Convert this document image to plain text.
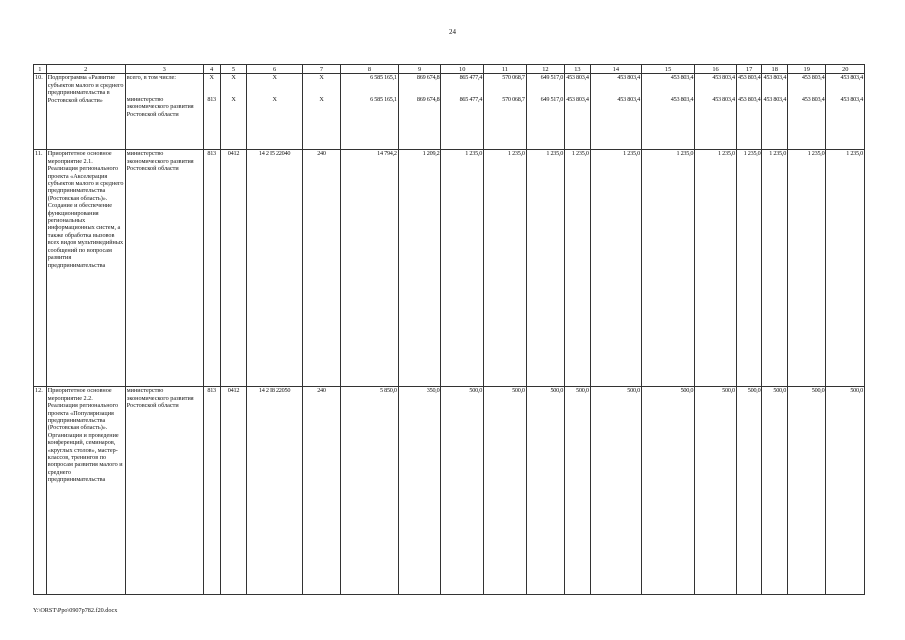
24
1	2	3	4	5	6	7	8	9	10	11	12	13	14	15	16	17	18	19	20
10.	Подпрограмма «Развитие субъектов малого и среднего предпринимательства в Ростовской области»	всего, в том числе:	Х	Х	Х	Х	6 585 165,1	869 674,8	865 477,4	570 068,7	649 517,0	453 803,4	453 803,4	453 803,4	453 803,4	453 803,4	453 803,4	453 803,4	453 803,4
		министерство экономического развития Ростовской области	813	Х	Х	Х	6 585 165,1	869 674,8	865 477,4	570 068,7	649 517,0	453 803,4	453 803,4	453 803,4	453 803,4	453 803,4	453 803,4	453 803,4	453 803,4
11.	Приоритетное основное мероприятие 2.1. Реализация регионального проекта «Акселерация субъектов малого и среднего предпринимательства (Ростовская область)». Создание и обеспечение функционирования региональных информационных систем, а также обработка вызовов всех видов мультимедийных сообщений по вопросам развития предпринимательства	министерство экономического развития Ростовской области	813	0412	14 2 I5 22040	240	14 794,2	1 209,2	1 235,0	1 235,0	1 235,0	1 235,0	1 235,0	1 235,0	1 235,0	1 235,0	1 235,0	1 235,0	1 235,0
12.	Приоритетное основное мероприятие 2.2. Реализация регионального проекта «Популяризация предпринимательства (Ростовская область)». Организация и проведение конференций, семинаров, «круглых столов», мастер-классов, тренингов по вопросам развития малого и среднего предпринимательства	министерство экономического развития Ростовской области	813	0412	14 2 I8 22050	240	5 850,0	350,0	500,0	500,0	500,0	500,0	500,0	500,0	500,0	500,0	500,0	500,0	500,0
Y:\ORST\Ppo\0907p782.f20.docx
